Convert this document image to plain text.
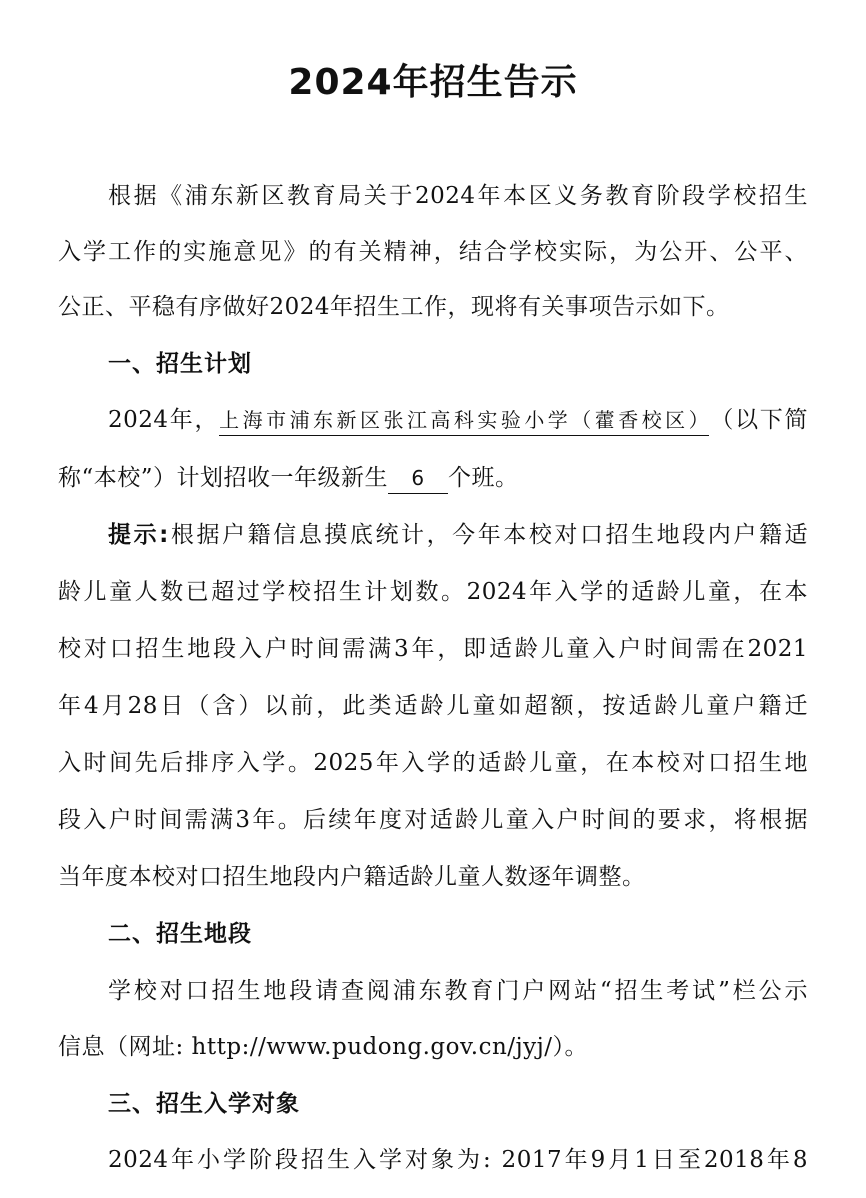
2024年招生告示
根据《浦东新区教育局关于2024年本区义务教育阶段学校招生
入学工作的实施意见》的有关精神，结合学校实际，为公开、公平、
公正、平稳有序做好2024年招生工作，现将有关事项告示如下。
一、招生计划
2024年，上海市浦东新区张江高科实验小学（藿香校区）（以下简
称“本校”）计划招收一年级新生 6 个班。
提示:根据户籍信息摸底统计，今年本校对口招生地段内户籍适
龄儿童人数已超过学校招生计划数。2024年入学的适龄儿童，在本
校对口招生地段入户时间需满3年，即适龄儿童入户时间需在2021
年4月28日（含）以前，此类适龄儿童如超额，按适龄儿童户籍迁
入时间先后排序入学。2025年入学的适龄儿童，在本校对口招生地
段入户时间需满3年。后续年度对适龄儿童入户时间的要求，将根据
当年度本校对口招生地段内户籍适龄儿童人数逐年调整。
二、招生地段
学校对口招生地段请查阅浦东教育门户网站“招生考试”栏公示
信息（网址: http://www.pudong.gov.cn/jyj/）。
三、招生入学对象
2024年小学阶段招生入学对象为: 2017年9月1日至2018年8
